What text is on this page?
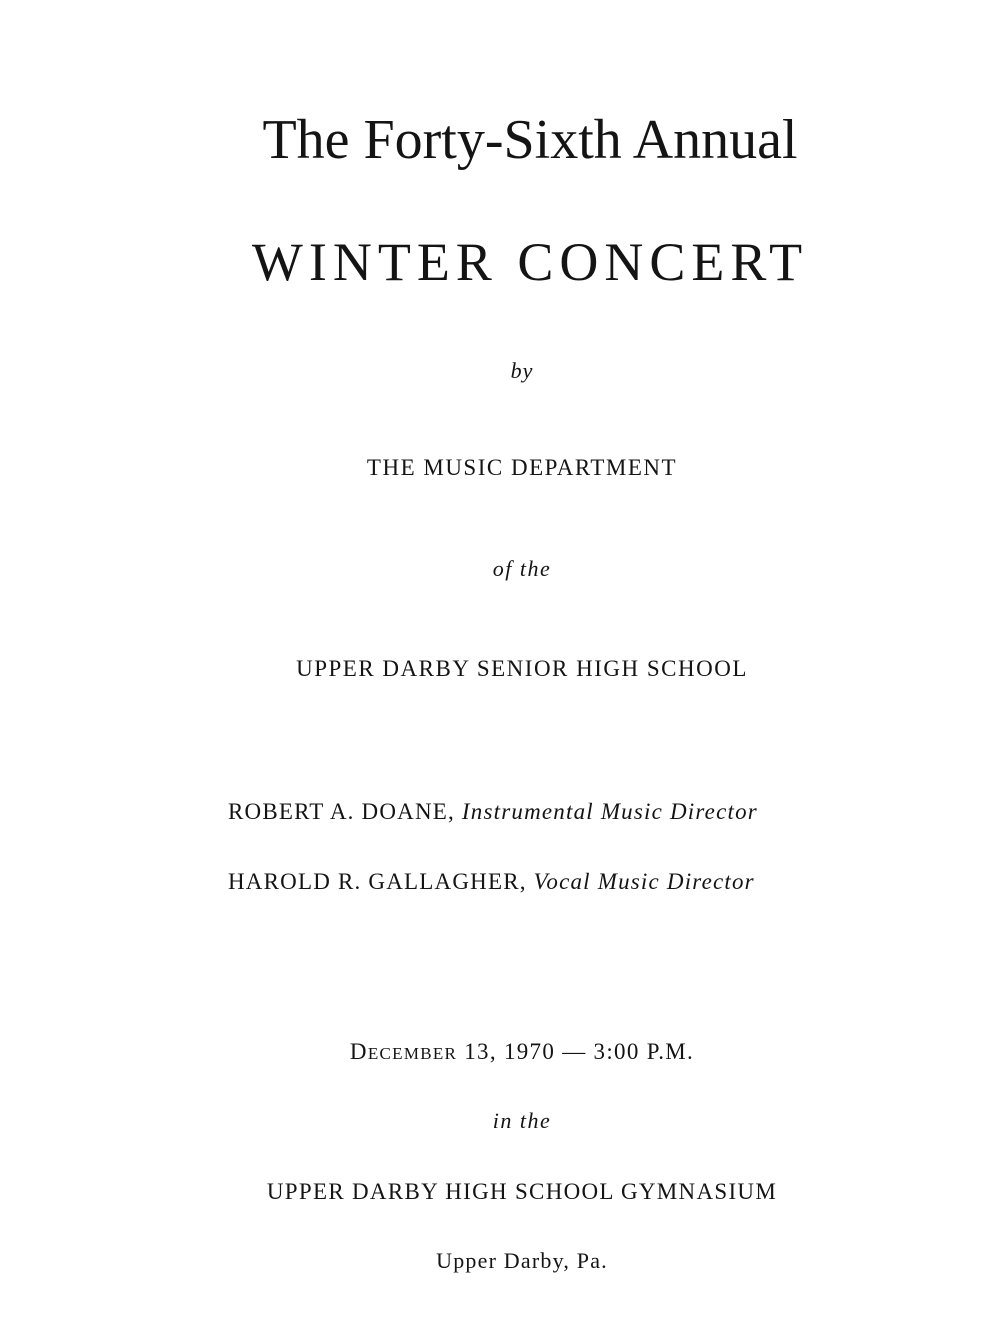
The Forty-Sixth Annual
WINTER CONCERT
by
THE MUSIC DEPARTMENT
of the
UPPER DARBY SENIOR HIGH SCHOOL
ROBERT A. DOANE, Instrumental Music Director
HAROLD R. GALLAGHER, Vocal Music Director
DECEMBER 13, 1970 — 3:00 P.M.
in the
UPPER DARBY HIGH SCHOOL GYMNASIUM
Upper Darby, Pa.
